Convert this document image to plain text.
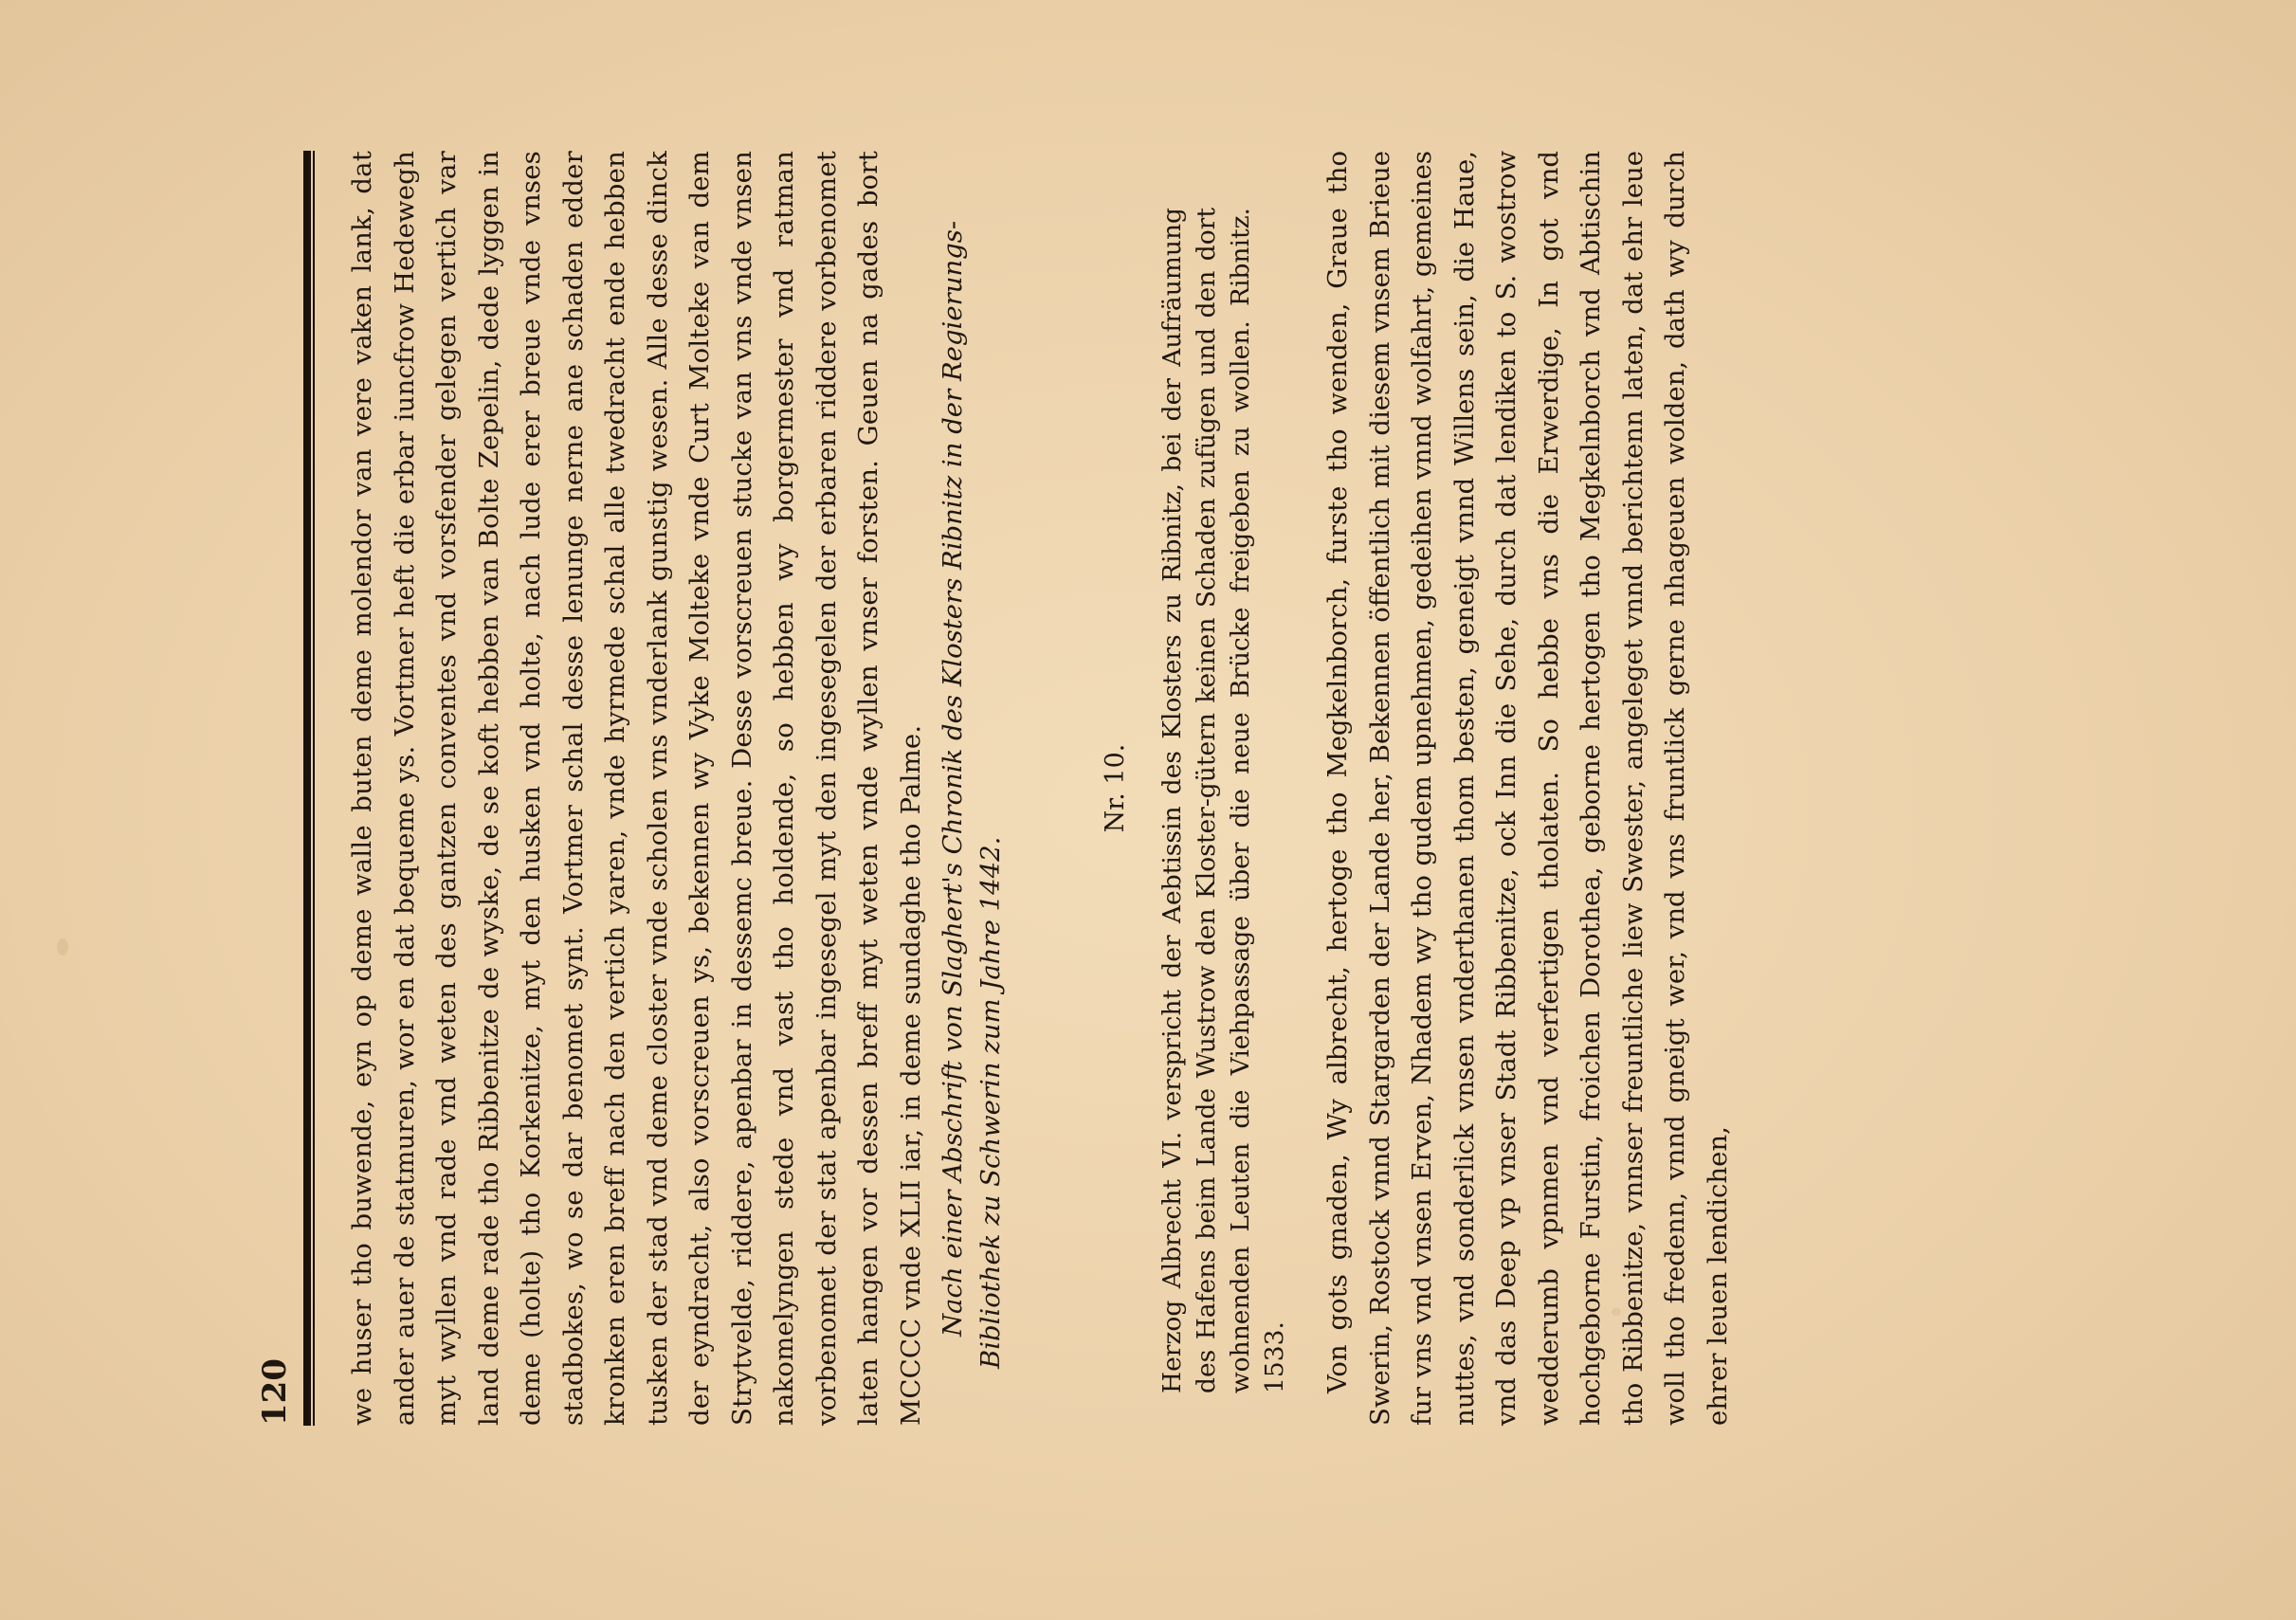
120 we huser tho buwende, eyn op deme walle buten deme molendor van vere vaken lank, dat ander auer de statmuren, wor en dat bequeme ys. Vortmer heft die erbar iuncfrow Hedewegh myt wyllen vnd rade vnd weten des gantzen conventes vnd vorsfender gelegen vertich var land deme rade tho Ribbenitze de wyske, de se koft hebben van Bolte Zepelin, dede lyggen in deme (holte) tho Korkenitze, myt den husken vnd holte, nach lude erer breue vnde vnses stadbokes, wo se dar benomet synt. Vortmer schal desse lenunge nerne ane schaden edder kronken eren breff nach den vertich yaren, vnde hyrmede schal alle twedracht ende hebben tusken der stad vnd deme closter vnde scholen vns vnderlank gunstig wesen. Alle desse dinck der eyndracht, also vorscreuen ys, bekennen wy Vyke Molteke vnde Curt Molteke van dem Strytvelde, riddere, apenbar in dessemc breue. Desse vorscreuen stucke van vns vnde vnsen nakomelyngen stede vnd vast tho holdende, so hebben wy borgermester vnd ratman vorbenomet der stat apenbar ingesegel myt den ingesegelen der erbaren riddere vorbenomet laten hangen vor dessen breff myt weten vnde wyllen vnser forsten. Geuen na gades bort MCCCC vnde XLII iar, in deme sundaghe tho Palme. Nach einer Abschrift von Slaghert's Chronik des Klosters Ribnitz in der Regierungs-Bibliothek zu Schwerin zum Jahre 1442.

Nr. 10. Herzog Albrecht VI. verspricht der Aebtissin des Klosters zu Ribnitz, bei der Aufräumung des Hafens beim Lande Wustrow den Kloster-gütern keinen Schaden zufügen und den dort wohnenden Leuten die Viehpassage über die neue Brücke freigeben zu wollen. Ribnitz. 1533. Von gots gnaden, Wy albrecht, hertoge tho Megkelnborch, furste tho wenden, Graue tho Swerin, Rostock vnnd Stargarden der Lande her, Bekennen öffentlich mit diesem vnsem Brieue fur vns vnd vnsen Erven, Nhadem wy tho gudem upnehmen, gedeihen vnnd wolfahrt, gemeines nuttes, vnd sonderlick vnsen vnderthanen thom besten, geneigt vnnd Willens sein, die Haue, vnd das Deep vp vnser Stadt Ribbenitze, ock Inn die Sehe, durch dat lendiken to S. wostrow wedderumb vpnmen vnd verfertigen tholaten. So hebbe vns die Erwerdige, In got vnd hochgeborne Furstin, froichen Dorothea, geborne hertogen tho Megkelnborch vnd Abtischin tho Ribbenitze, vnnser freuntliche liew Swester, angeleget vnnd berichtenn laten, dat ehr leue woll tho fredenn, vnnd gneigt wer, vnd vns fruntlick gerne nhageuen wolden, dath wy durch ehrer leuen lendichen,
